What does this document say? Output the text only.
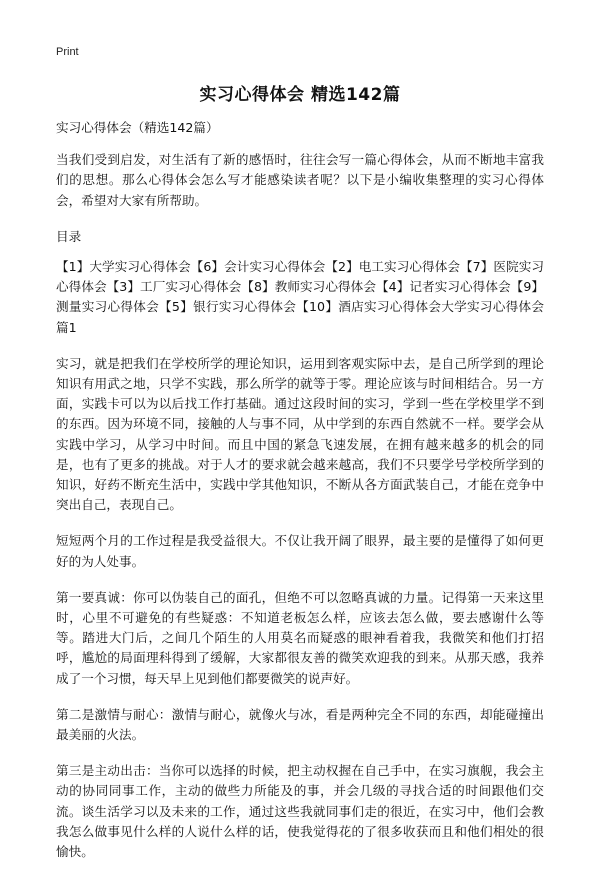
Print
实习心得体会 精选142篇

实习心得体会（精选142篇）

当我们受到启发，对生活有了新的感悟时，往往会写一篇心得体会，从而不断地丰富我们的思想。那么心得体会怎么写才能感染读者呢？以下是小编收集整理的实习心得体会，希望对大家有所帮助。

目录

【1】大学实习心得体会【6】会计实习心得体会【2】电工实习心得体会【7】医院实习心得体会【3】工厂实习心得体会【8】教师实习心得体会【4】记者实习心得体会【9】测量实习心得体会【5】银行实习心得体会【10】酒店实习心得体会大学实习心得体会 篇1

实习，就是把我们在学校所学的理论知识，运用到客观实际中去，是自己所学到的理论知识有用武之地，只学不实践，那么所学的就等于零。理论应该与时间相结合。另一方面，实践卡可以为以后找工作打基础。通过这段时间的实习，学到一些在学校里学不到的东西。因为环境不同，接触的人与事不同，从中学到的东西自然就不一样。要学会从实践中学习，从学习中时间。而且中国的紧急飞速发展，在拥有越来越多的机会的同是，也有了更多的挑战。对于人才的要求就会越来越高，我们不只要学号学校所学到的知识，好药不断充生活中，实践中学其他知识，不断从各方面武装自己，才能在竞争中突出自己，表现自己。

短短两个月的工作过程是我受益很大。不仅让我开阔了眼界，最主要的是懂得了如何更好的为人处事。

第一要真诚：你可以伪装自己的面孔，但绝不可以忽略真诚的力量。记得第一天来这里时，心里不可避免的有些疑惑：不知道老板怎么样，应该去怎么做，要去感谢什么等等。踏进大门后，之间几个陌生的人用莫名而疑惑的眼神看着我，我微笑和他们打招呼，尴尬的局面理科得到了缓解，大家都很友善的微笑欢迎我的到来。从那天感，我养成了一个习惯，每天早上见到他们都要微笑的说声好。

第二是激情与耐心：激情与耐心，就像火与冰，看是两种完全不同的东西，却能碰撞出最美丽的火法。

第三是主动出击：当你可以选择的时候，把主动权握在自己手中，在实习旗舰，我会主动的协同同事工作，主动的做些力所能及的事，并会几级的寻找合适的时间跟他们交流。谈生活学习以及未来的工作，通过这些我就同事们走的很近，在实习中，他们会教我怎么做事见什么样的人说什么样的话，使我觉得花的了很多收获而且和他们相处的很愉快。
